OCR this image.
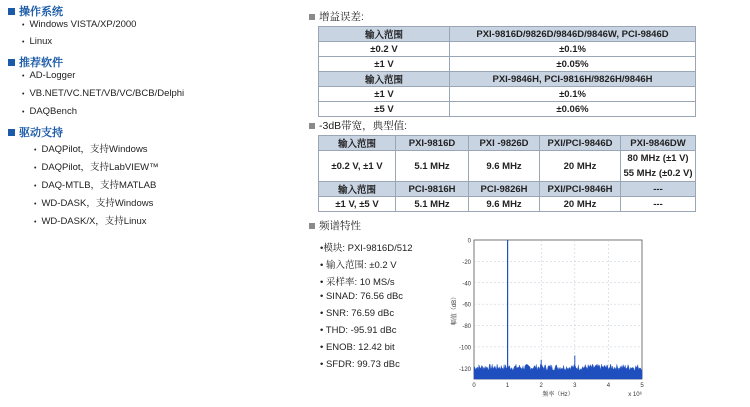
操作系统
• Windows VISTA/XP/2000
• Linux
推荐软件
• AD-Logger
• VB.NET/VC.NET/VB/VC/BCB/Delphi
• DAQBench
驱动支持
• DAQPilot，支持Windows
• DAQPilot，支持LabVIEW™
• DAQ-MTLB，支持MATLAB
• WD-DASK，支持Windows
• WD-DASK/X，支持Linux
增益误差:
输入范围	PXI-9816D/9826D/9846D/9846W, PCI-9846D
±0.2 V	±0.1%
±1 V	±0.05%
输入范围	PXI-9846H, PCI-9816H/9826H/9846H
±1 V	±0.1%
±5 V	±0.06%
-3dB带宽，典型值:
输入范围	PXI-9816D	PXI -9826D	PXI/PCI-9846D	PXI-9846DW
±0.2 V, ±1 V	5.1 MHz	9.6 MHz	20 MHz	80 MHz (±1 V)
55 MHz (±0.2 V)
输入范围	PCI-9816H	PCI-9826H	PXI/PCI-9846H	---
±1 V, ±5 V	5.1 MHz	9.6 MHz	20 MHz	---
频谱特性
•模块: PXI-9816D/512
• 输入范围: ±0.2 V
• 采样率: 10 MS/s
• SINAD: 76.56 dBc
• SNR: 76.59 dBc
• THD: -95.91 dBc
• ENOB: 12.42 bit
• SFDR: 99.73 dBc
0
-20
-40
-60
-80
-100
-120
0	1	2	3	4	5
幅值（dB）
频率（Hz）	x 10⁶
